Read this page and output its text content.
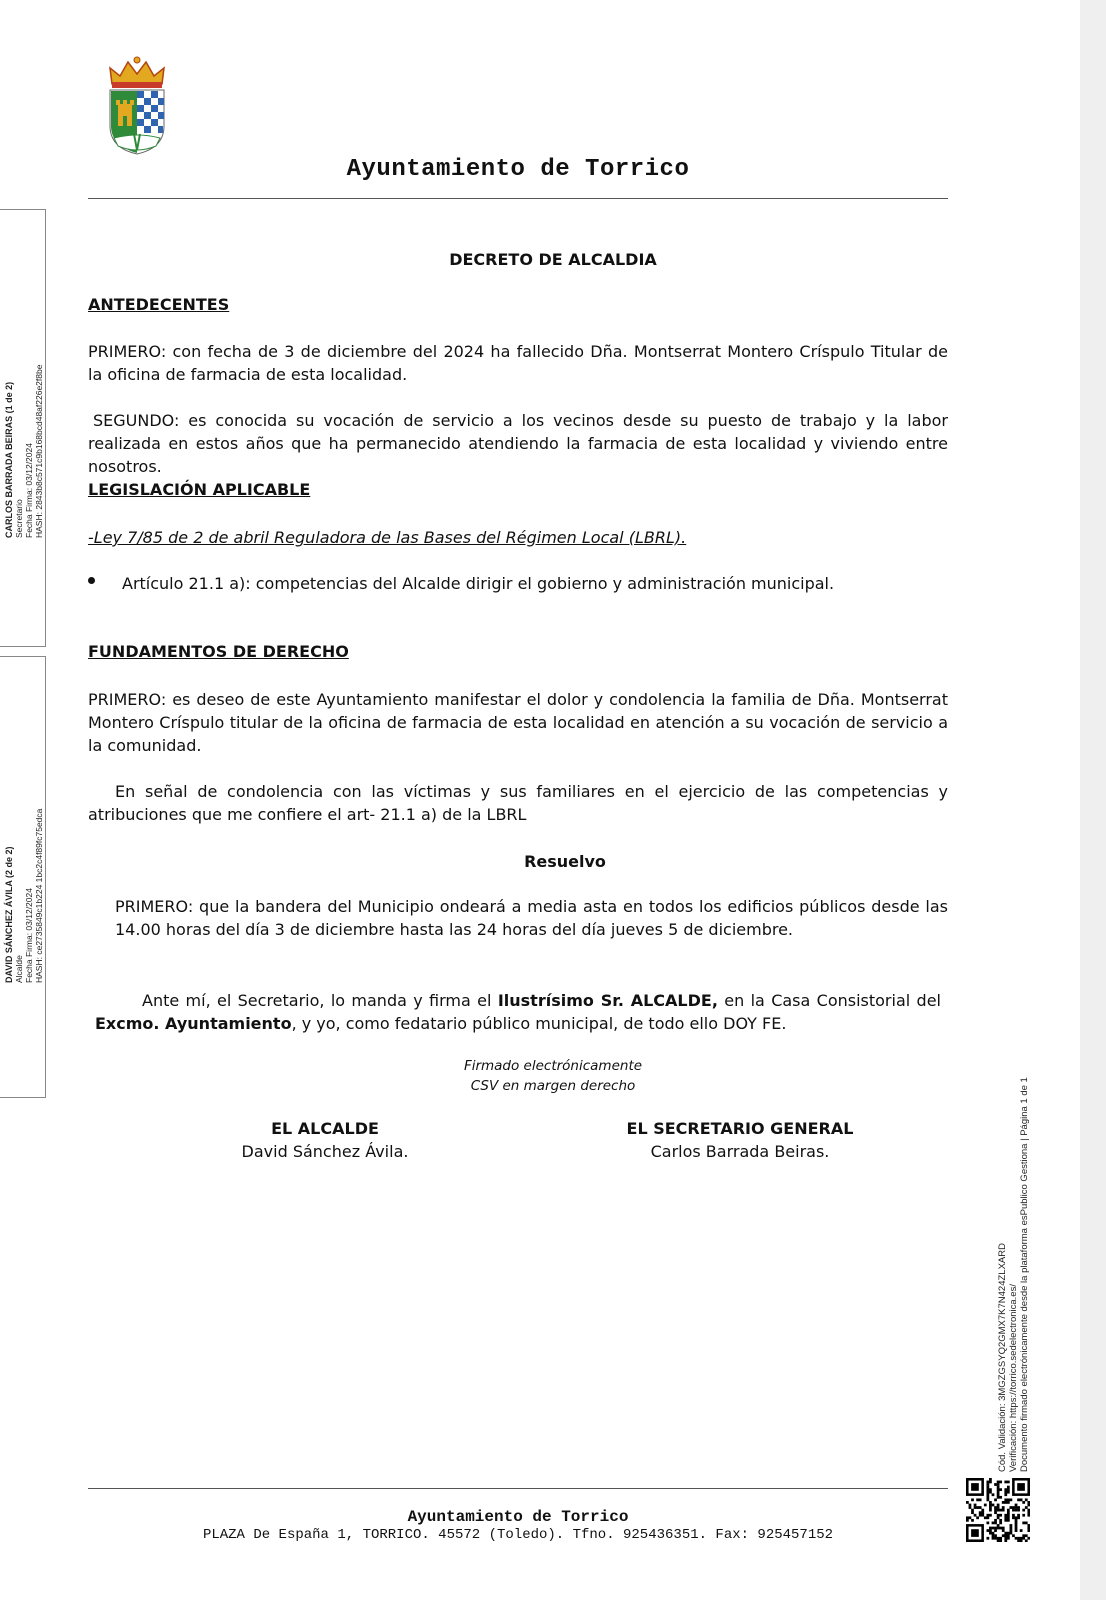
Ayuntamiento de Torrico
CARLOS BARRADA BEIRAS (1 de 2) Secretario Fecha Firma: 03/12/2024 HASH: 2843b8c571c9b168bcd48af226e2f8be
DAVID SÁNCHEZ ÁVILA (2 de 2) Alcalde Fecha Firma: 03/12/2024 HASH: ce2735849c1b224 1bc2c4f89fc75edca
DECRETO DE ALCALDIA
ANTEDECENTES
PRIMERO: con fecha de 3 de diciembre del 2024 ha fallecido Dña. Montserrat Montero Críspulo Titular de la oficina de farmacia de esta localidad.
SEGUNDO: es conocida su vocación de servicio a los vecinos desde su puesto de trabajo y la labor realizada en estos años que ha permanecido atendiendo la farmacia de esta localidad y viviendo entre nosotros.
LEGISLACIÓN APLICABLE
-Ley 7/85 de 2 de abril Reguladora de las Bases del Régimen Local (LBRL).
Artículo 21.1 a): competencias del Alcalde dirigir el gobierno y administración municipal.
FUNDAMENTOS DE DERECHO
PRIMERO: es deseo de este Ayuntamiento manifestar el dolor y condolencia la familia de Dña. Montserrat Montero Críspulo titular de la oficina de farmacia de esta localidad en atención a su vocación de servicio a la comunidad.
En señal de condolencia con las víctimas y sus familiares en el ejercicio de las competencias y atribuciones que me confiere el art- 21.1 a) de la LBRL
Resuelvo
PRIMERO: que la bandera del Municipio ondeará a media asta en todos los edificios públicos desde las 14.00 horas del día 3 de diciembre hasta las 24 horas del día jueves 5 de diciembre.
Ante mí, el Secretario, lo manda y firma el Ilustrísimo Sr. ALCALDE, en la Casa Consistorial del Excmo. Ayuntamiento, y yo, como fedatario público municipal, de todo ello DOY FE.
Firmado electrónicamente
CSV en margen derecho
EL ALCALDE
David Sánchez Ávila.
EL SECRETARIO GENERAL
Carlos Barrada Beiras.
Cód. Validación: 3MGZGSYQ2GMX7K7N424ZLXARD Verificación: https://torrico.sedelectronica.es/ Documento firmado electrónicamente desde la plataforma esPublico Gestiona | Página 1 de 1
Ayuntamiento de Torrico
PLAZA De España 1, TORRICO. 45572 (Toledo). Tfno. 925436351. Fax: 925457152
